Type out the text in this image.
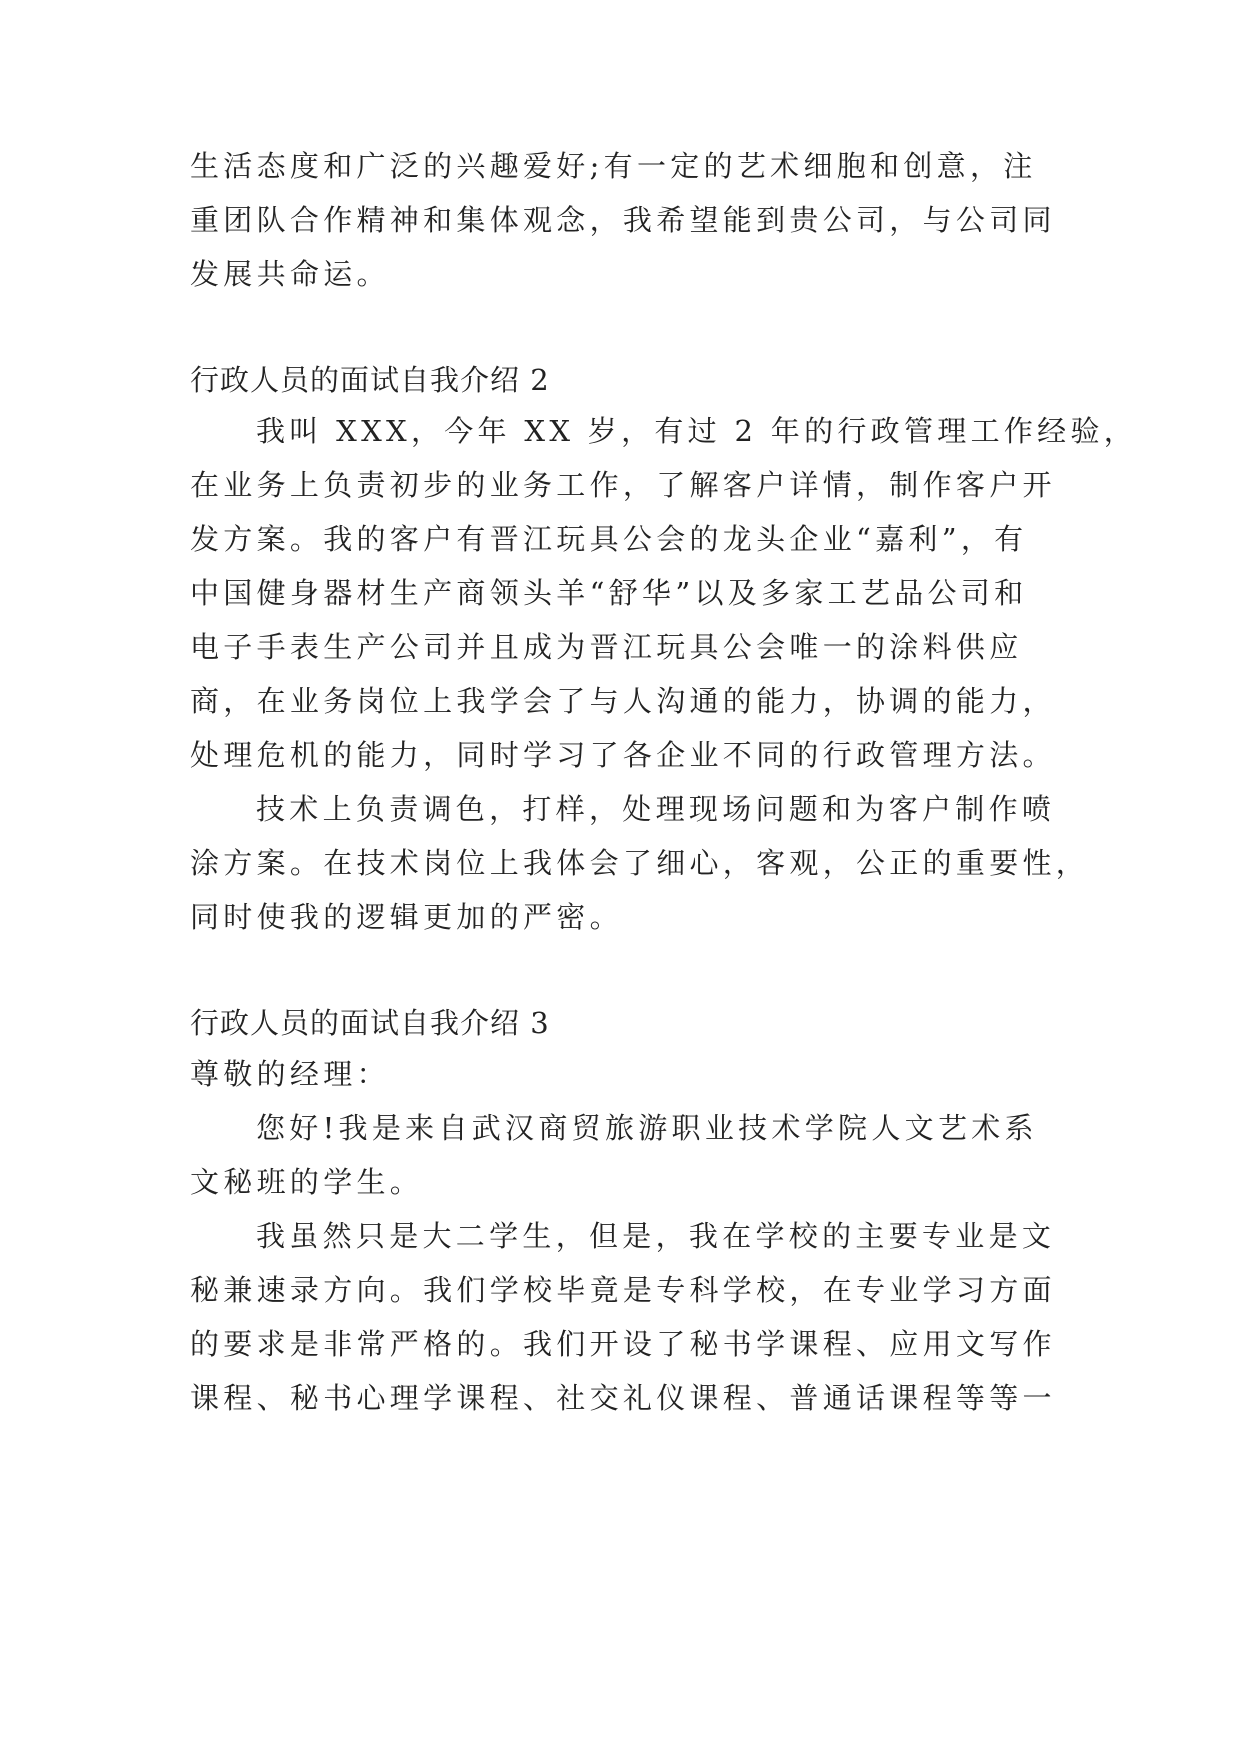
生活态度和广泛的兴趣爱好;有一定的艺术细胞和创意，注
重团队合作精神和集体观念，我希望能到贵公司，与公司同
发展共命运。
行政人员的面试自我介绍 2
我叫 XXX，今年 XX 岁，有过 2 年的行政管理工作经验，
在业务上负责初步的业务工作，了解客户详情，制作客户开
发方案。我的客户有晋江玩具公会的龙头企业“嘉利”，有
中国健身器材生产商领头羊“舒华”以及多家工艺品公司和
电子手表生产公司并且成为晋江玩具公会唯一的涂料供应
商，在业务岗位上我学会了与人沟通的能力，协调的能力，
处理危机的能力，同时学习了各企业不同的行政管理方法。
技术上负责调色，打样，处理现场问题和为客户制作喷
涂方案。在技术岗位上我体会了细心，客观，公正的重要性，
同时使我的逻辑更加的严密。
行政人员的面试自我介绍 3
尊敬的经理：
您好!我是来自武汉商贸旅游职业技术学院人文艺术系
文秘班的学生。
我虽然只是大二学生，但是，我在学校的主要专业是文
秘兼速录方向。我们学校毕竟是专科学校，在专业学习方面
的要求是非常严格的。我们开设了秘书学课程、应用文写作
课程、秘书心理学课程、社交礼仪课程、普通话课程等等一
